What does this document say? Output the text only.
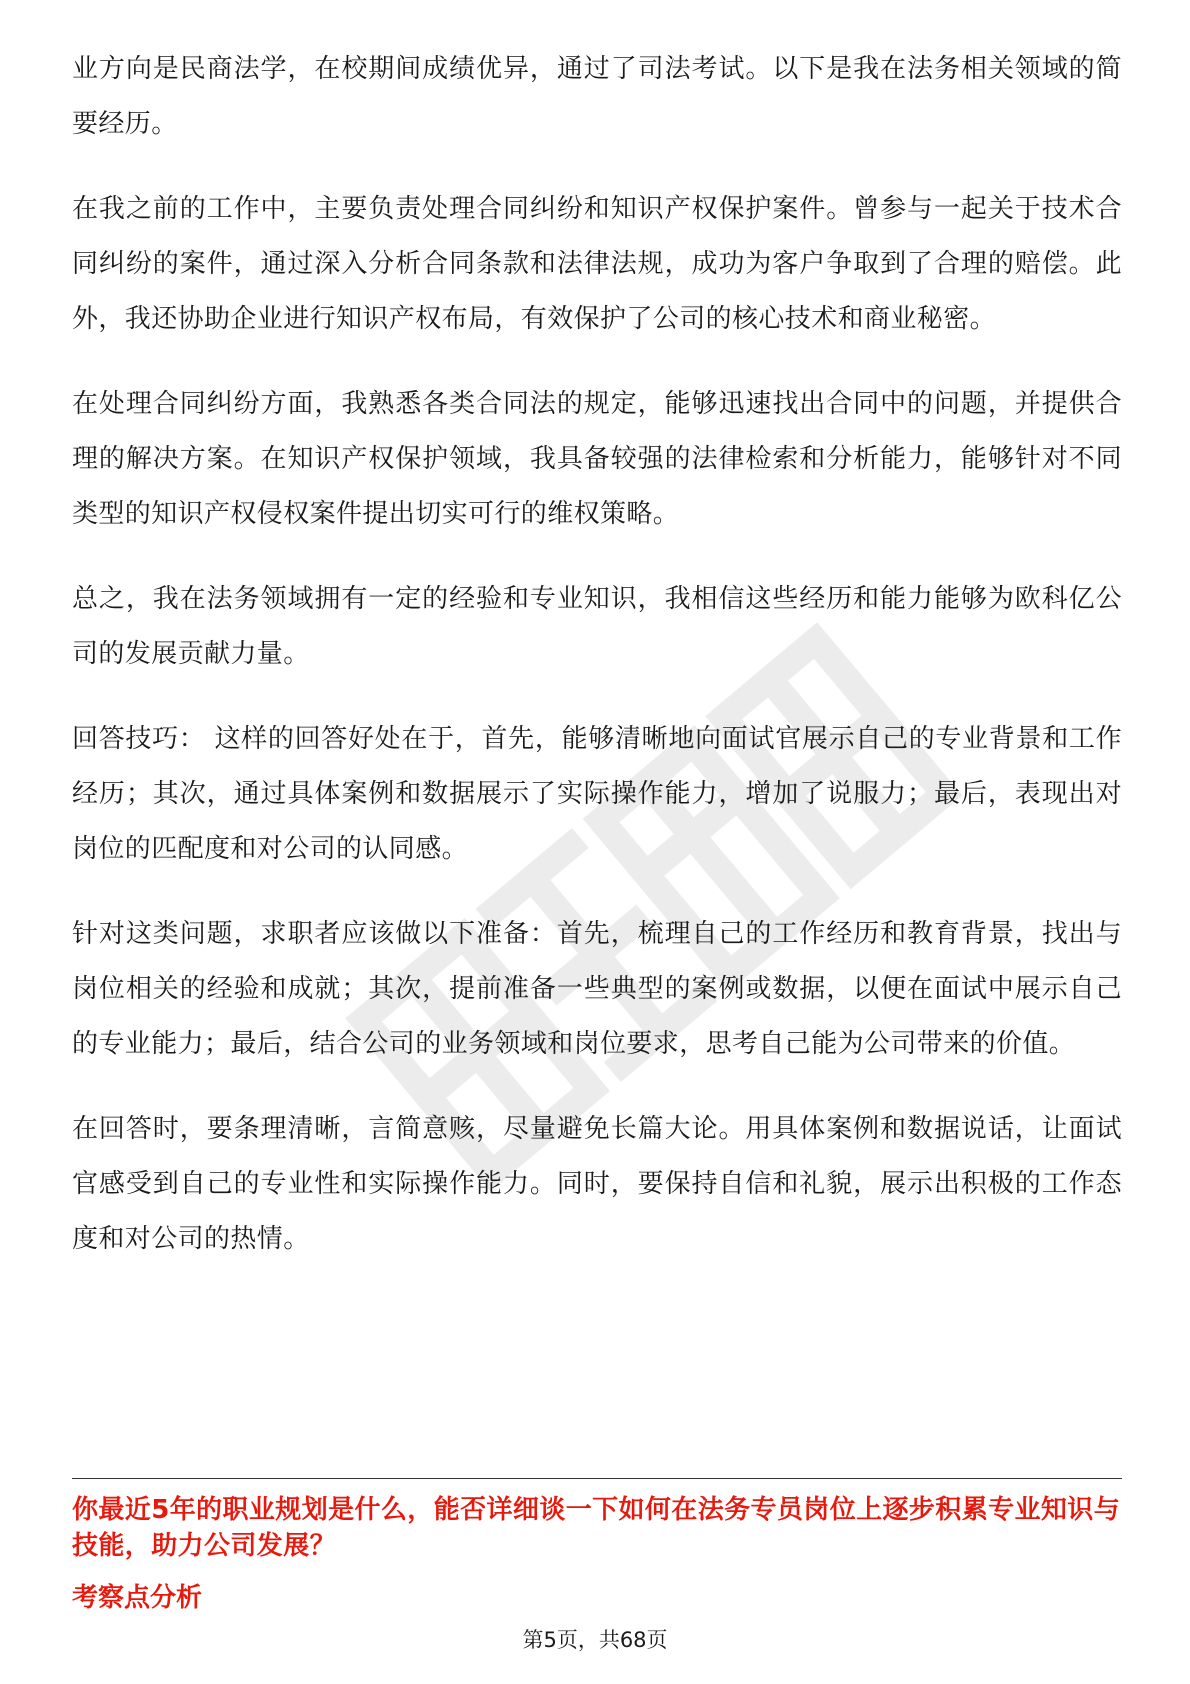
业方向是民商法学，在校期间成绩优异，通过了司法考试。以下是我在法务相关领域的简要经历。

在我之前的工作中，主要负责处理合同纠纷和知识产权保护案件。曾参与一起关于技术合同纠纷的案件，通过深入分析合同条款和法律法规，成功为客户争取到了合理的赔偿。此外，我还协助企业进行知识产权布局，有效保护了公司的核心技术和商业秘密。

在处理合同纠纷方面，我熟悉各类合同法的规定，能够迅速找出合同中的问题，并提供合理的解决方案。在知识产权保护领域，我具备较强的法律检索和分析能力，能够针对不同类型的知识产权侵权案件提出切实可行的维权策略。

总之，我在法务领域拥有一定的经验和专业知识，我相信这些经历和能力能够为欧科亿公司的发展贡献力量。

回答技巧： 这样的回答好处在于，首先，能够清晰地向面试官展示自己的专业背景和工作经历；其次，通过具体案例和数据展示了实际操作能力，增加了说服力；最后，表现出对岗位的匹配度和对公司的认同感。

针对这类问题，求职者应该做以下准备：首先，梳理自己的工作经历和教育背景，找出与岗位相关的经验和成就；其次，提前准备一些典型的案例或数据，以便在面试中展示自己的专业能力；最后，结合公司的业务领域和岗位要求，思考自己能为公司带来的价值。

在回答时，要条理清晰，言简意赅，尽量避免长篇大论。用具体案例和数据说话，让面试官感受到自己的专业性和实际操作能力。同时，要保持自信和礼貌，展示出积极的工作态度和对公司的热情。

你最近5年的职业规划是什么，能否详细谈一下如何在法务专员岗位上逐步积累专业知识与技能，助力公司发展？
考察点分析

第5页，共68页
